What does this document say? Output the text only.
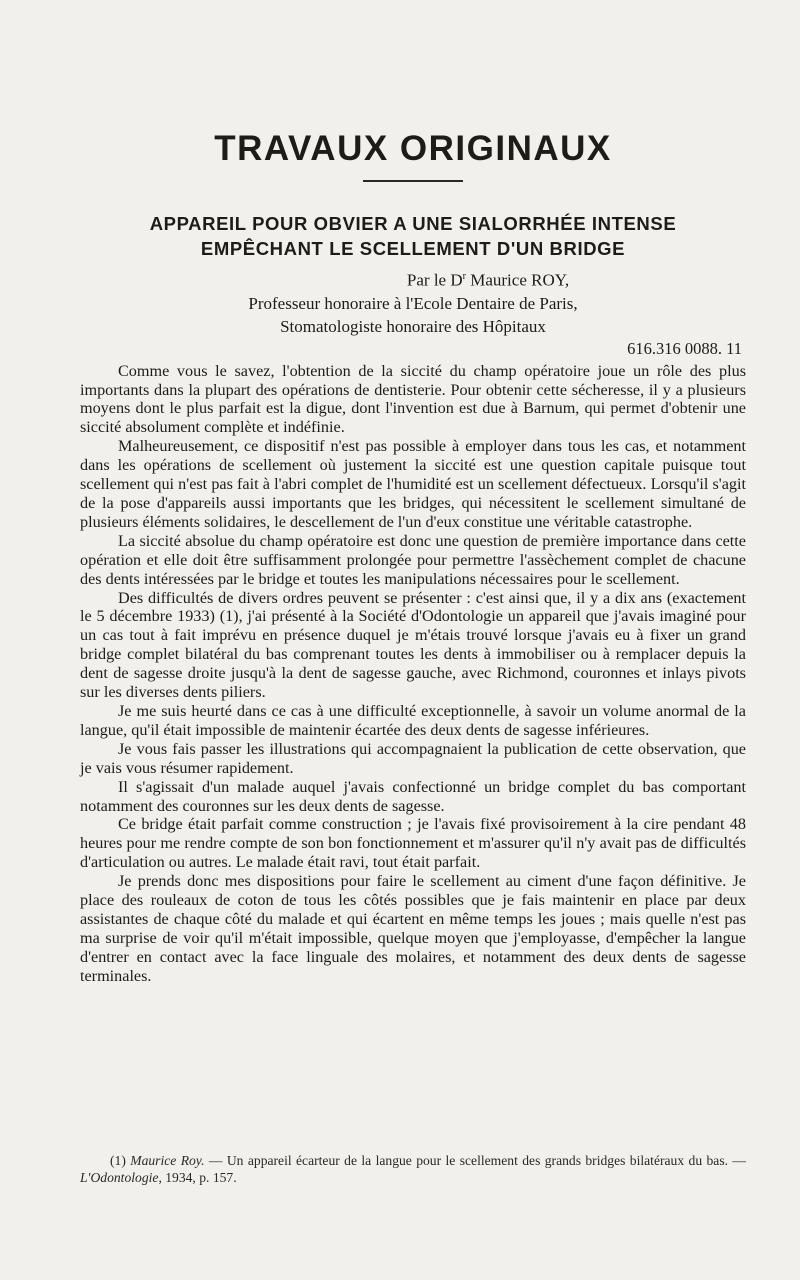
TRAVAUX ORIGINAUX
APPAREIL POUR OBVIER A UNE SIALORRHÉE INTENSE
EMPÊCHANT LE SCELLEMENT D'UN BRIDGE
Par le $D^r$ Maurice ROY,
Professeur honoraire à l'Ecole Dentaire de Paris,
Stomatologiste honoraire des Hôpitaux
616.316 0088. 11

Comme vous le savez, l'obtention de la siccité du champ opératoire joue un rôle des plus importants dans la plupart des opérations de dentisterie. Pour obtenir cette sécheresse, il y a plusieurs moyens dont le plus parfait est la digue, dont l'invention est due à Barnum, qui permet d'obtenir une siccité absolument complète et indéfinie.

Malheureusement, ce dispositif n'est pas possible à employer dans tous les cas, et notamment dans les opérations de scellement où justement la siccité est une question capitale puisque tout scellement qui n'est pas fait à l'abri complet de l'humidité est un scellement défectueux. Lorsqu'il s'agit de la pose d'appareils aussi importants que les bridges, qui nécessitent le scellement simultané de plusieurs éléments solidaires, le descellement de l'un d'eux constitue une véritable catastrophe.

La siccité absolue du champ opératoire est donc une question de première importance dans cette opération et elle doit être suffisamment prolongée pour permettre l'assèchement complet de chacune des dents intéressées par le bridge et toutes les manipulations nécessaires pour le scellement.

Des difficultés de divers ordres peuvent se présenter : c'est ainsi que, il y a dix ans (exactement le 5 décembre 1933) (1), j'ai présenté à la Société d'Odontologie un appareil que j'avais imaginé pour un cas tout à fait imprévu en présence duquel je m'étais trouvé lorsque j'avais eu à fixer un grand bridge complet bilatéral du bas comprenant toutes les dents à immobiliser ou à remplacer depuis la dent de sagesse droite jusqu'à la dent de sagesse gauche, avec Richmond, couronnes et inlays pivots sur les diverses dents piliers.

Je me suis heurté dans ce cas à une difficulté exceptionnelle, à savoir un volume anormal de la langue, qu'il était impossible de maintenir écartée des deux dents de sagesse inférieures.

Je vous fais passer les illustrations qui accompagnaient la publication de cette observation, que je vais vous résumer rapidement.

Il s'agissait d'un malade auquel j'avais confectionné un bridge complet du bas comportant notamment des couronnes sur les deux dents de sagesse.

Ce bridge était parfait comme construction ; je l'avais fixé provisoirement à la cire pendant 48 heures pour me rendre compte de son bon fonctionnement et m'assurer qu'il n'y avait pas de difficultés d'articulation ou autres. Le malade était ravi, tout était parfait.

Je prends donc mes dispositions pour faire le scellement au ciment d'une façon définitive. Je place des rouleaux de coton de tous les côtés possibles que je fais maintenir en place par deux assistantes de chaque côté du malade et qui écartent en même temps les joues ; mais quelle n'est pas ma surprise de voir qu'il m'était impossible, quelque moyen que j'employasse, d'empêcher la langue d'entrer en contact avec la face linguale des molaires, et notamment des deux dents de sagesse terminales.

(1) Maurice Roy. — Un appareil écarteur de la langue pour le scellement des grands bridges bilatéraux du bas. — L'Odontologie, 1934, p. 157.
